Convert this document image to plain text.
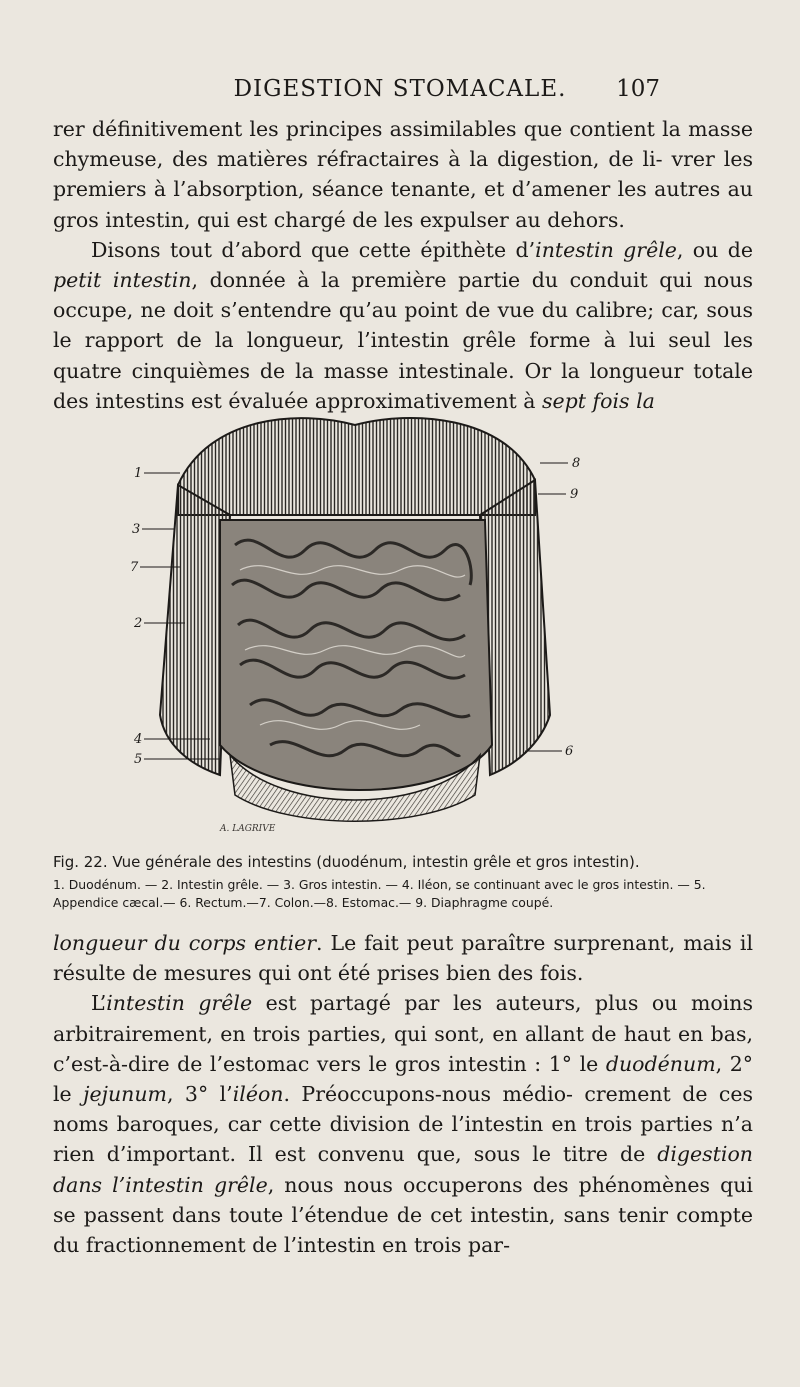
DIGESTION STOMACALE.	107

rer définitivement les principes assimilables que contient la masse chymeuse, des matières réfractaires à la digestion, de li- vrer les premiers à l’absorption, séance tenante, et d’amener les autres au gros intestin, qui est chargé de les expulser au dehors.

Disons tout d’abord que cette épithète d’intestin grêle, ou de petit intestin, donnée à la première partie du conduit qui nous occupe, ne doit s’entendre qu’au point de vue du calibre; car, sous le rapport de la longueur, l’intestin grêle forme à lui seul les quatre cinquièmes de la masse intestinale. Or la longueur totale des intestins est évaluée approximativement à sept fois la

1
3
7
2
4
5
8
9
6
A. LAGRIVE

Fig. 22. Vue générale des intestins (duodénum, intestin grêle et gros intestin).

1. Duodénum. — 2. Intestin grêle. — 3. Gros intestin. — 4. Iléon, se continuant avec le gros intestin. — 5. Appendice cæcal.— 6. Rectum.—7. Colon.—8. Estomac.— 9. Diaphragme coupé.

longueur du corps entier. Le fait peut paraître surprenant, mais il résulte de mesures qui ont été prises bien des fois.

L’intestin grêle est partagé par les auteurs, plus ou moins arbitrairement, en trois parties, qui sont, en allant de haut en bas, c’est-à-dire de l’estomac vers le gros intestin : 1° le duodénum, 2° le jejunum, 3° l’iléon. Préoccupons-nous médio- crement de ces noms baroques, car cette division de l’intestin en trois parties n’a rien d’important. Il est convenu que, sous le titre de digestion dans l’intestin grêle, nous nous occuperons des phénomènes qui se passent dans toute l’étendue de cet intestin, sans tenir compte du fractionnement de l’intestin en trois par-
